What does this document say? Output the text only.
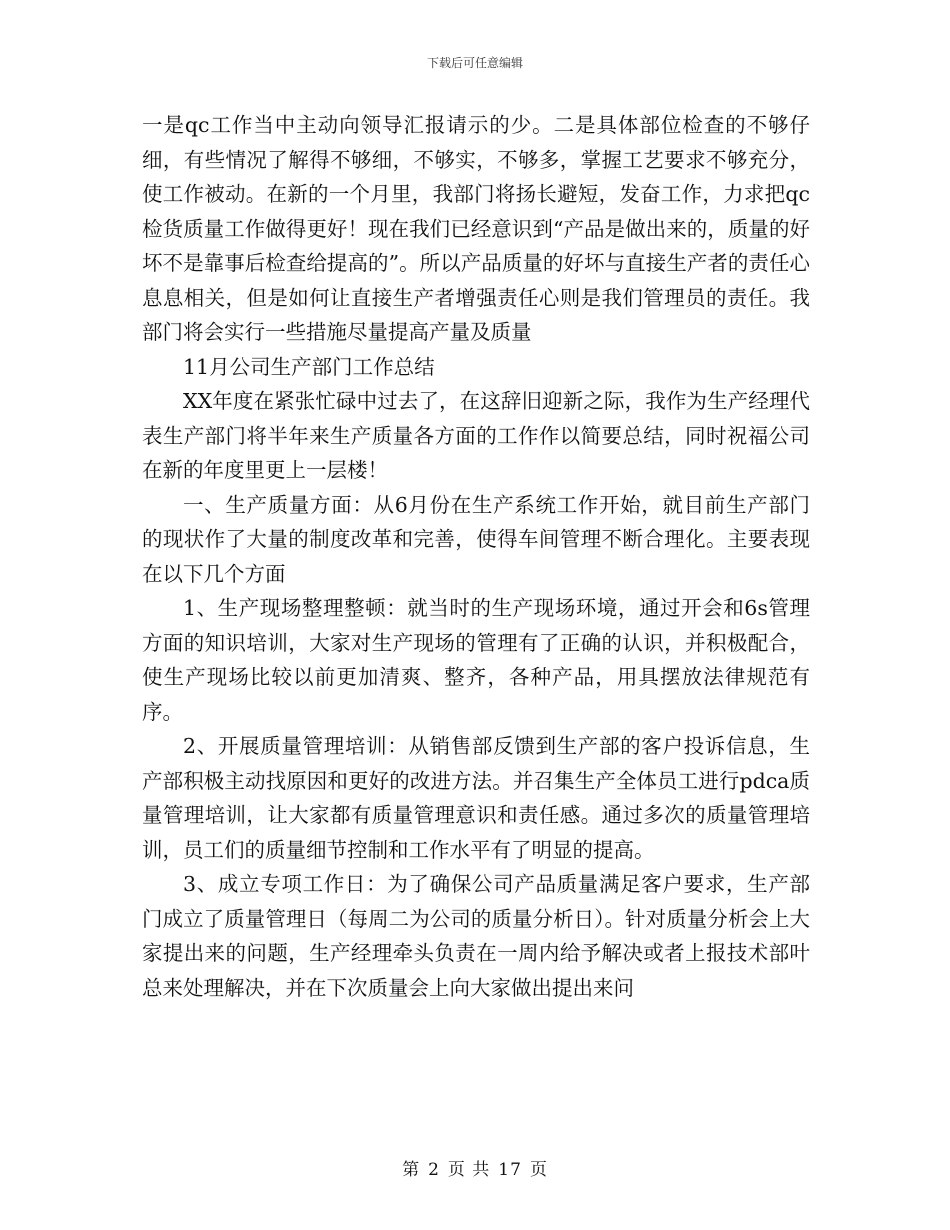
下载后可任意编辑

一是qc工作当中主动向领导汇报请示的少。二是具体部位检查的不够仔细，有些情况了解得不够细，不够实，不够多，掌握工艺要求不够充分，使工作被动。在新的一个月里，我部门将扬长避短，发奋工作，力求把qc检货质量工作做得更好！现在我们已经意识到“产品是做出来的，质量的好坏不是靠事后检查给提高的”。所以产品质量的好坏与直接生产者的责任心息息相关，但是如何让直接生产者增强责任心则是我们管理员的责任。我部门将会实行一些措施尽量提高产量及质量

11月公司生产部门工作总结

XX年度在紧张忙碌中过去了，在这辞旧迎新之际，我作为生产经理代表生产部门将半年来生产质量各方面的工作作以简要总结，同时祝福公司在新的年度里更上一层楼！

一、生产质量方面：从6月份在生产系统工作开始，就目前生产部门的现状作了大量的制度改革和完善，使得车间管理不断合理化。主要表现在以下几个方面

1、生产现场整理整顿：就当时的生产现场环境，通过开会和6s管理方面的知识培训，大家对生产现场的管理有了正确的认识，并积极配合，使生产现场比较以前更加清爽、整齐，各种产品，用具摆放法律规范有序。

2、开展质量管理培训：从销售部反馈到生产部的客户投诉信息，生产部积极主动找原因和更好的改进方法。并召集生产全体员工进行pdca质量管理培训，让大家都有质量管理意识和责任感。通过多次的质量管理培训，员工们的质量细节控制和工作水平有了明显的提高。

3、成立专项工作日：为了确保公司产品质量满足客户要求，生产部门成立了质量管理日（每周二为公司的质量分析日）。针对质量分析会上大家提出来的问题，生产经理牵头负责在一周内给予解决或者上报技术部叶总来处理解决，并在下次质量会上向大家做出提出来问

第 2 页 共 17 页
